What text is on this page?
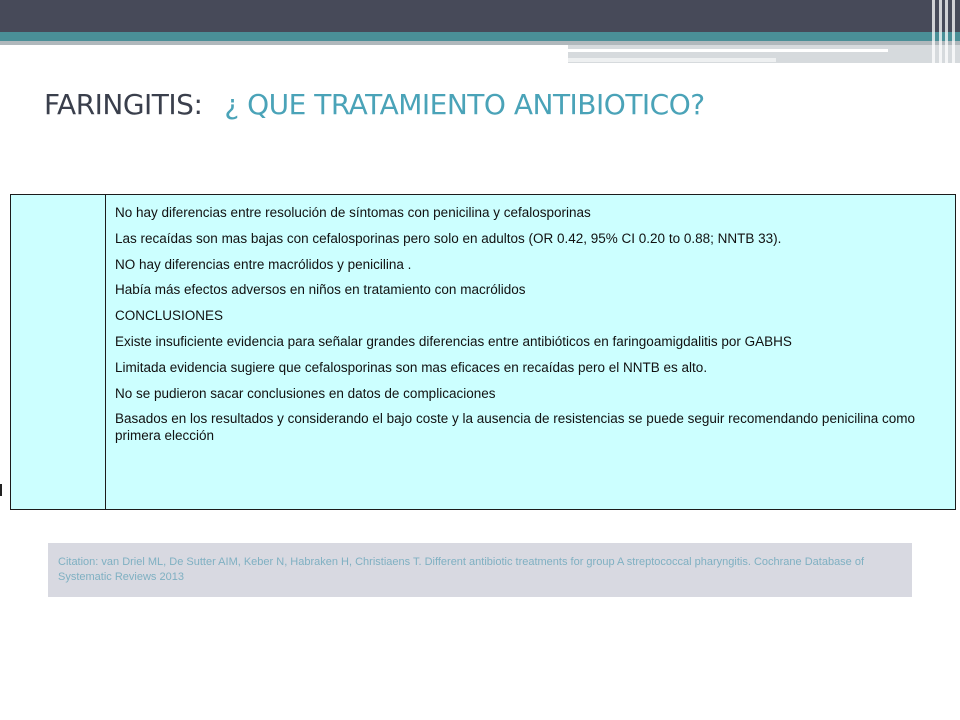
FARINGITIS: ¿ QUE TRATAMIENTO ANTIBIOTICO?

No hay diferencias entre resolución de síntomas con penicilina y cefalosporinas

Las recaídas son mas bajas con cefalosporinas pero solo en adultos (OR 0.42, 95% CI 0.20 to 0.88; NNTB 33).

NO hay diferencias entre macrólidos y penicilina .

Había más efectos adversos en niños en tratamiento con macrólidos

CONCLUSIONES

Existe insuficiente evidencia para señalar grandes diferencias entre antibióticos en faringoamigdalitis por GABHS

Limitada evidencia sugiere que cefalosporinas son mas eficaces en recaídas pero el NNTB es alto.

No se pudieron sacar conclusiones en datos de complicaciones

Basados en los resultados y considerando el bajo coste y la ausencia de resistencias se puede seguir recomendando penicilina como primera elección

Citation: van Driel ML, De Sutter AIM, Keber N, Habraken H, Christiaens T. Different antibiotic treatments for group A streptococcal pharyngitis. Cochrane Database of Systematic Reviews 2013
